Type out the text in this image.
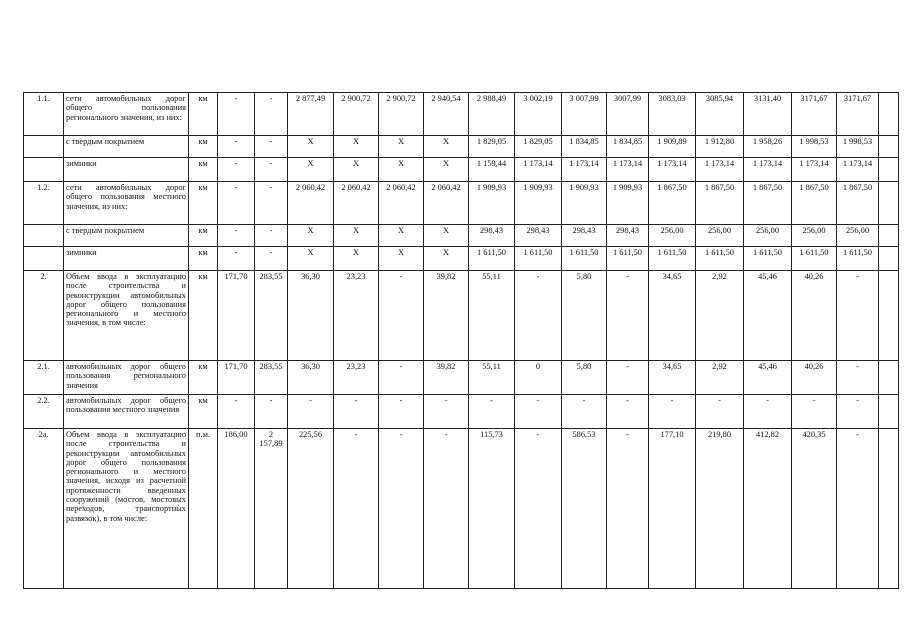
1.1.	сети автомобильных дорог общего пользования регионального значения, из них:	км	-	-	2 877,49	2 900,72	2 900,72	2 940,54	2 988,49	3 002,19	3 007,99	3007,99	3083,03	3085,94	3131,40	3171,67	3171,67	
	с твердым покрытием	км	-	-	X	X	X	X	1 829,05	1 829,05	1 834,85	1 834,85	1 909,89	1 912,80	1 958,26	1 998,53	1 998,53	
	зимники	км	-	-	X	X	X	X	1 159,44	1 173,14	1 173,14	1 173,14	1 173,14	1 173,14	1 173,14	1 173,14	1 173,14	
1.2.	сети автомобильных дорог общего пользования местного значения, из них:	км	-	-	2 060,42	2 060,42	2 060,42	2 060,42	1 909,93	1 909,93	1 909,93	1 909,93	1 867,50	1 867,50	1 867,50	1 867,50	1 867,50	
	с твердым покрытием	км	-	-	X	X	X	X	298,43	298,43	298,43	298,43	256,00	256,00	256,00	256,00	256,00	
	зимники	км	-	-	X	X	X	X	1 611,50	1 611,50	1 611,50	1 611,50	1 611,50	1 611,50	1 611,50	1 611,50	1 611,50	
2.	Объем ввода в эксплуатацию после строительства и реконструкции автомобильных дорог общего пользования регионального и местного значения, в том числе:	км	171,70	283,55	36,30	23,23	-	39,82	55,11	-	5,80	-	34,65	2,92	45,46	40,26	-	
2.1.	автомобильных дорог общего пользования регионального значения	км	171,70	283,55	36,30	23,23	-	39,82	55,11	0	5,80	-	34,65	2,92	45,46	40,26	-	
2.2.	автомобильных дорог общего пользования местного значения	км	-	-	-	-	-	-	-	-	-	-	-	-	-	-	-	
2а.	Объем ввода в эксплуатацию после строительства и реконструкции автомобильных дорог общего пользования регионального и местного значения, исходя из расчетной протяженности введенных сооружений (мостов, мостовых переходов, транспортных развязок), в том числе:	п.м.	186,00	2 157,89	225,56	-	-	-	115,73	-	586,53	-	177,10	219,80	412,82	420,35	-	
